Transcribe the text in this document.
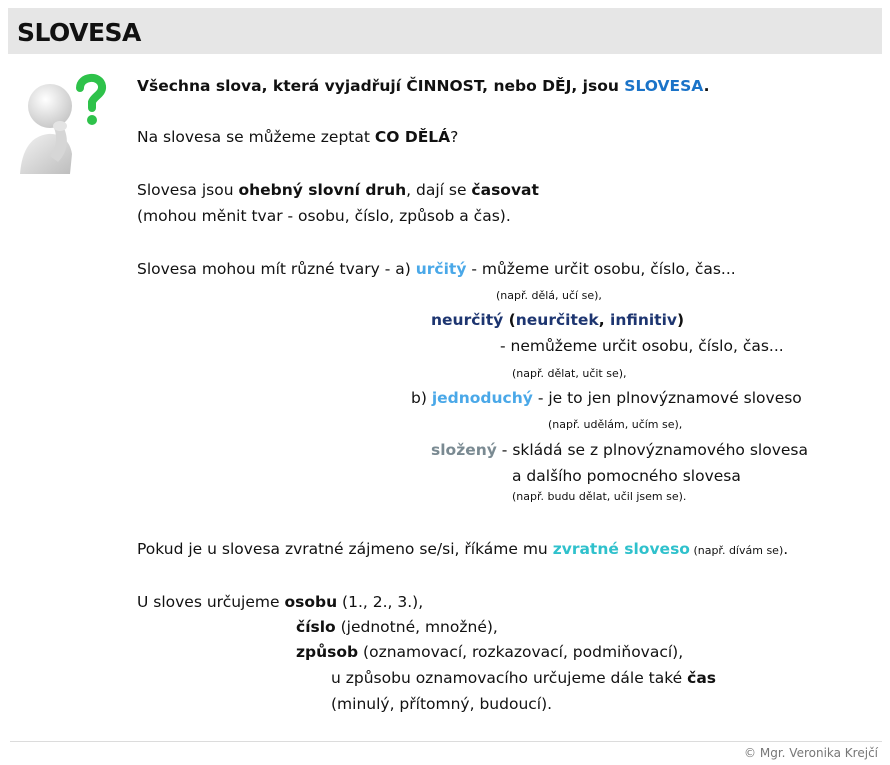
SLOVESA
Všechna slova, která vyjadřují ČINNOST, nebo DĚJ, jsou SLOVESA.
Na slovesa se můžeme zeptat CO DĚLÁ?
Slovesa jsou ohebný slovní druh, dají se časovat
(mohou měnit tvar - osobu, číslo, způsob a čas).
Slovesa mohou mít různé tvary - a) určitý - můžeme určit osobu, číslo, čas...
(např. dělá, učí se),
neurčitý (neurčitek, infinitiv)
- nemůžeme určit osobu, číslo, čas...
(např. dělat, učit se),
b) jednoduchý - je to jen plnovýznamové sloveso
(např. udělám, učím se),
složený - skládá se z plnovýznamového slovesa
a dalšího pomocného slovesa
(např. budu dělat, učil jsem se).
Pokud je u slovesa zvratné zájmeno se/si, říkáme mu zvratné sloveso (např. dívám se).
U sloves určujeme osobu (1., 2., 3.),
číslo (jednotné, množné),
způsob (oznamovací, rozkazovací, podmiňovací),
u způsobu oznamovacího určujeme dále také čas
(minulý, přítomný, budoucí).
© Mgr. Veronika Krejčí
